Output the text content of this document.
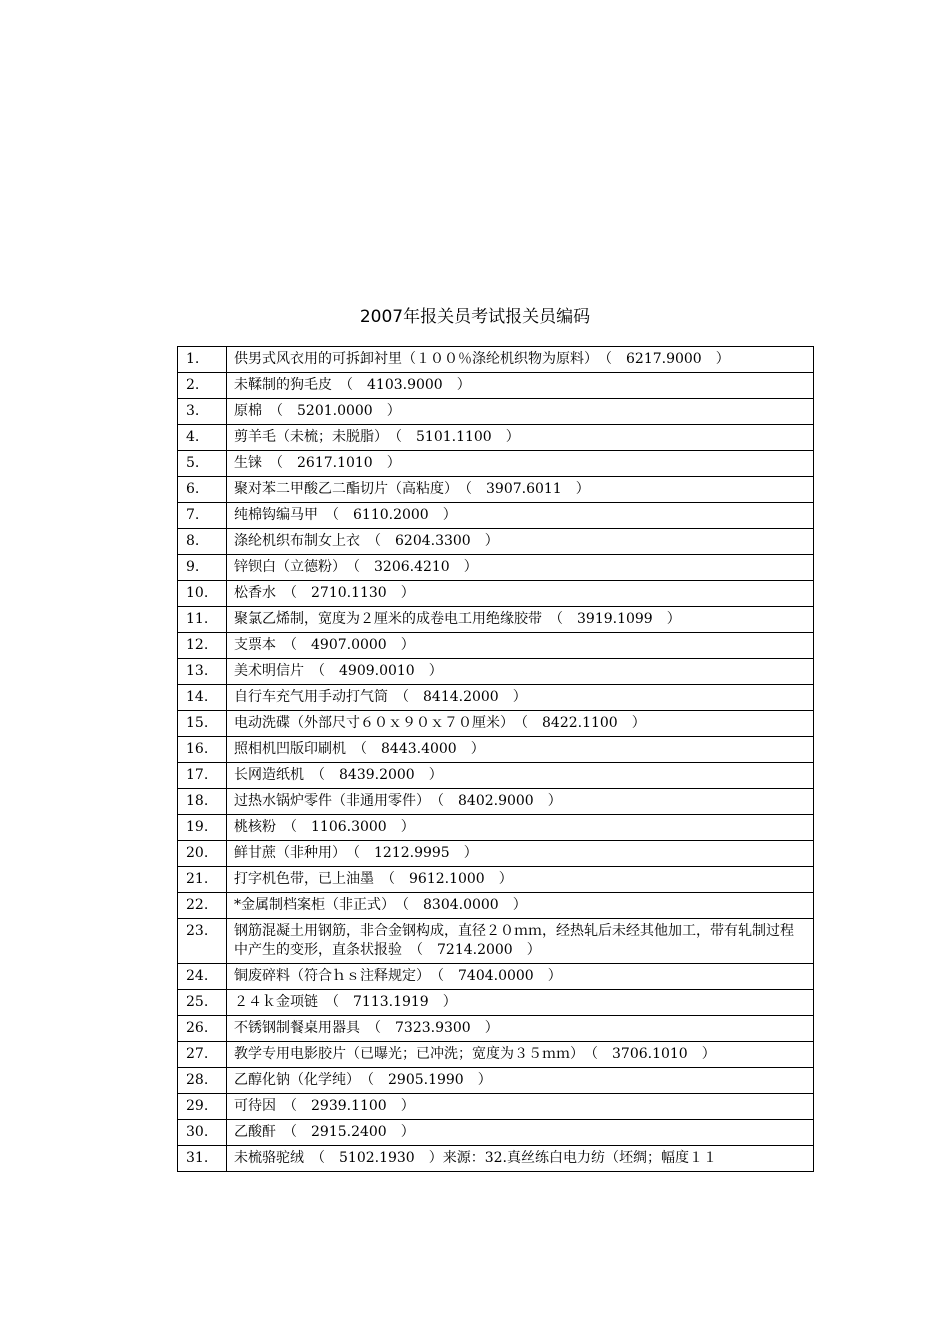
2007年报关员考试报关员编码
1.	供男式风衣用的可拆卸衬里（１００％涤纶机织物为原料）　（　6217.9000　）
2.	未鞣制的狗毛皮　（　4103.9000　）
3.	原棉　（　5201.0000　）
4.	剪羊毛（未梳；未脱脂）　（　5101.1100　）
5.	生铼　（　2617.1010　）
6.	聚对苯二甲酸乙二酯切片（高粘度）　（　3907.6011　）
7.	纯棉钩编马甲　（　6110.2000　）
8.	涤纶机织布制女上衣　（　6204.3300　）
9.	锌钡白（立德粉）　（　3206.4210　）
10.	松香水　（　2710.1130　）
11.	聚氯乙烯制，宽度为２厘米的成卷电工用绝缘胶带　（　3919.1099　）
12.	支票本　（　4907.0000　）
13.	美术明信片　（　4909.0010　）
14.	自行车充气用手动打气筒　（　8414.2000　）
15.	电动洗碟（外部尺寸６０ｘ９０ｘ７０厘米）　（　8422.1100　）
16.	照相机凹版印刷机　（　8443.4000　）
17.	长网造纸机　（　8439.2000　）
18.	过热水锅炉零件（非通用零件）　（　8402.9000　）
19.	桃核粉　（　1106.3000　）
20.	鲜甘蔗（非种用）　（　1212.9995　）
21.	打字机色带，已上油墨　（　9612.1000　）
22.	*金属制档案柜（非正式）　（　8304.0000　）
23.	钢筋混凝土用钢筋，非合金钢构成，直径２０ｍｍ，经热轧后未经其他加工，带有轧制过程中产生的变形，直条状报验　（　7214.2000　）
24.	铜废碎料（符合ｈｓ注释规定）　（　7404.0000　）
25.	２４ｋ金项链　（　7113.1919　）
26.	不锈钢制餐桌用器具　（　7323.9300　）
27.	教学专用电影胶片（已曝光；已冲洗；宽度为３５ｍｍ）　（　3706.1010　）
28.	乙醇化钠（化学纯）　（　2905.1990　）
29.	可待因　（　2939.1100　）
30.	乙酸酐　（　2915.2400　）
31.	未梳骆驼绒　（　5102.1930　）来源：32.真丝练白电力纺（坯绸；幅度１１
